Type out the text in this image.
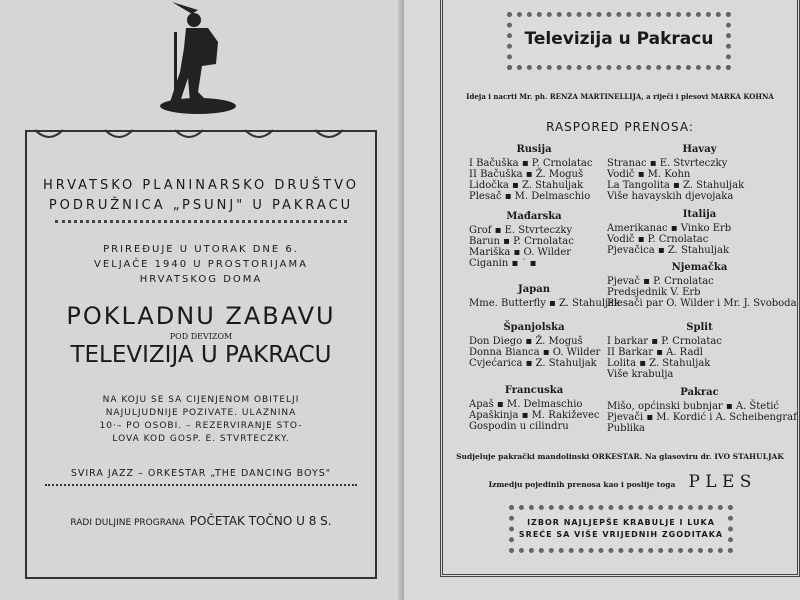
HRVATSKO PLANINARSKO DRUŠTVO
PODRUŽNICA „PSUNJ" U PAKRACU
PRIREĐUJE U UTORAK DNE 6.
VELJAČE 1940 U PROSTORIJAMA
HRVATSKOG DOMA
POKLADNU ZABAVU
POD DEVIZOM
TELEVIZIJA U PAKRACU
NA KOJU SE SA CIJENJENOM OBITELJI
NAJULJUDNIJE POZIVATE. ULAZNINA
10·– PO OSOBI. – REZERVIRANJE STO-
LOVA KOD GOSP. E. STVRTECZKY.
SVIRA JAZZ – ORKESTAR „THE DANCING BOYS"
RADI DULJINE PROGRANA POČETAK TOČNO U 8 S.
Televizija u Pakracu
Ideja i nacrti Mr. ph. RENZA MARTINELLIJA, a riječi i plesovi MARKA KOHNA
RASPORED PRENOSA:
Sudjeluje pakrački mandolinski ORKESTAR. Na glasoviru dr. IVO STAHULJAK
Izmedju pojedinih prenosa kao i poslije toga P L E S
IZBOR NAJLJEPŠE KRABULJE I LUKA
SREĆE SA VIŠE VRIJEDNIH ZGODITAKA
Rusija
I Bačuška ▪ P. Crnolatac
II Bačuška ▪ Ž. Moguš
Lidočka ▪ Z. Stahuljak
Plesač ▪ M. Delmaschio
Mađarska
Grof ▪ E. Stvrteczky
Barun ▪ P. Crnolatac
Mariška ▪ O. Wilder
Ciganin ▪ ˙ ▪
Japan
Mme. Butterfly ▪ Z. Stahuljak
Španjolska
Don Diego ▪ Ž. Moguš
Donna Bianca ▪ O. Wilder
Cvjećarica ▪ Z. Stahuljak
Francuska
Apaš ▪ M. Delmaschio
Apaškinja ▪ M. Rakiževec
Gospodin u cilindru
Havay
Stranac ▪ E. Stvrteczky
Vodič ▪ M. Kohn
La Tangolita ▪ Z. Stahuljak
Više havayskih djevojaka
Italija
Amerikanac ▪ Vinko Erb
Vodič ▪ P. Crnolatac
Pjevačica ▪ Z. Stahuljak
Njemačka
Pjevač ▪ P. Crnolatac
Predsjednik V. Erb
Plesači par O. Wilder i Mr. J. Svoboda
Split
I barkar ▪ P. Crnolatac
II Barkar ▪ A. Radl
Lolita ▪ Z. Stahuljak
Više krabulja
Pakrac
Mišo, općinski bubnjar ▪ A. Štetić
Pjevači ▪ M. Kordić i A. Scheibengraf
Publika
